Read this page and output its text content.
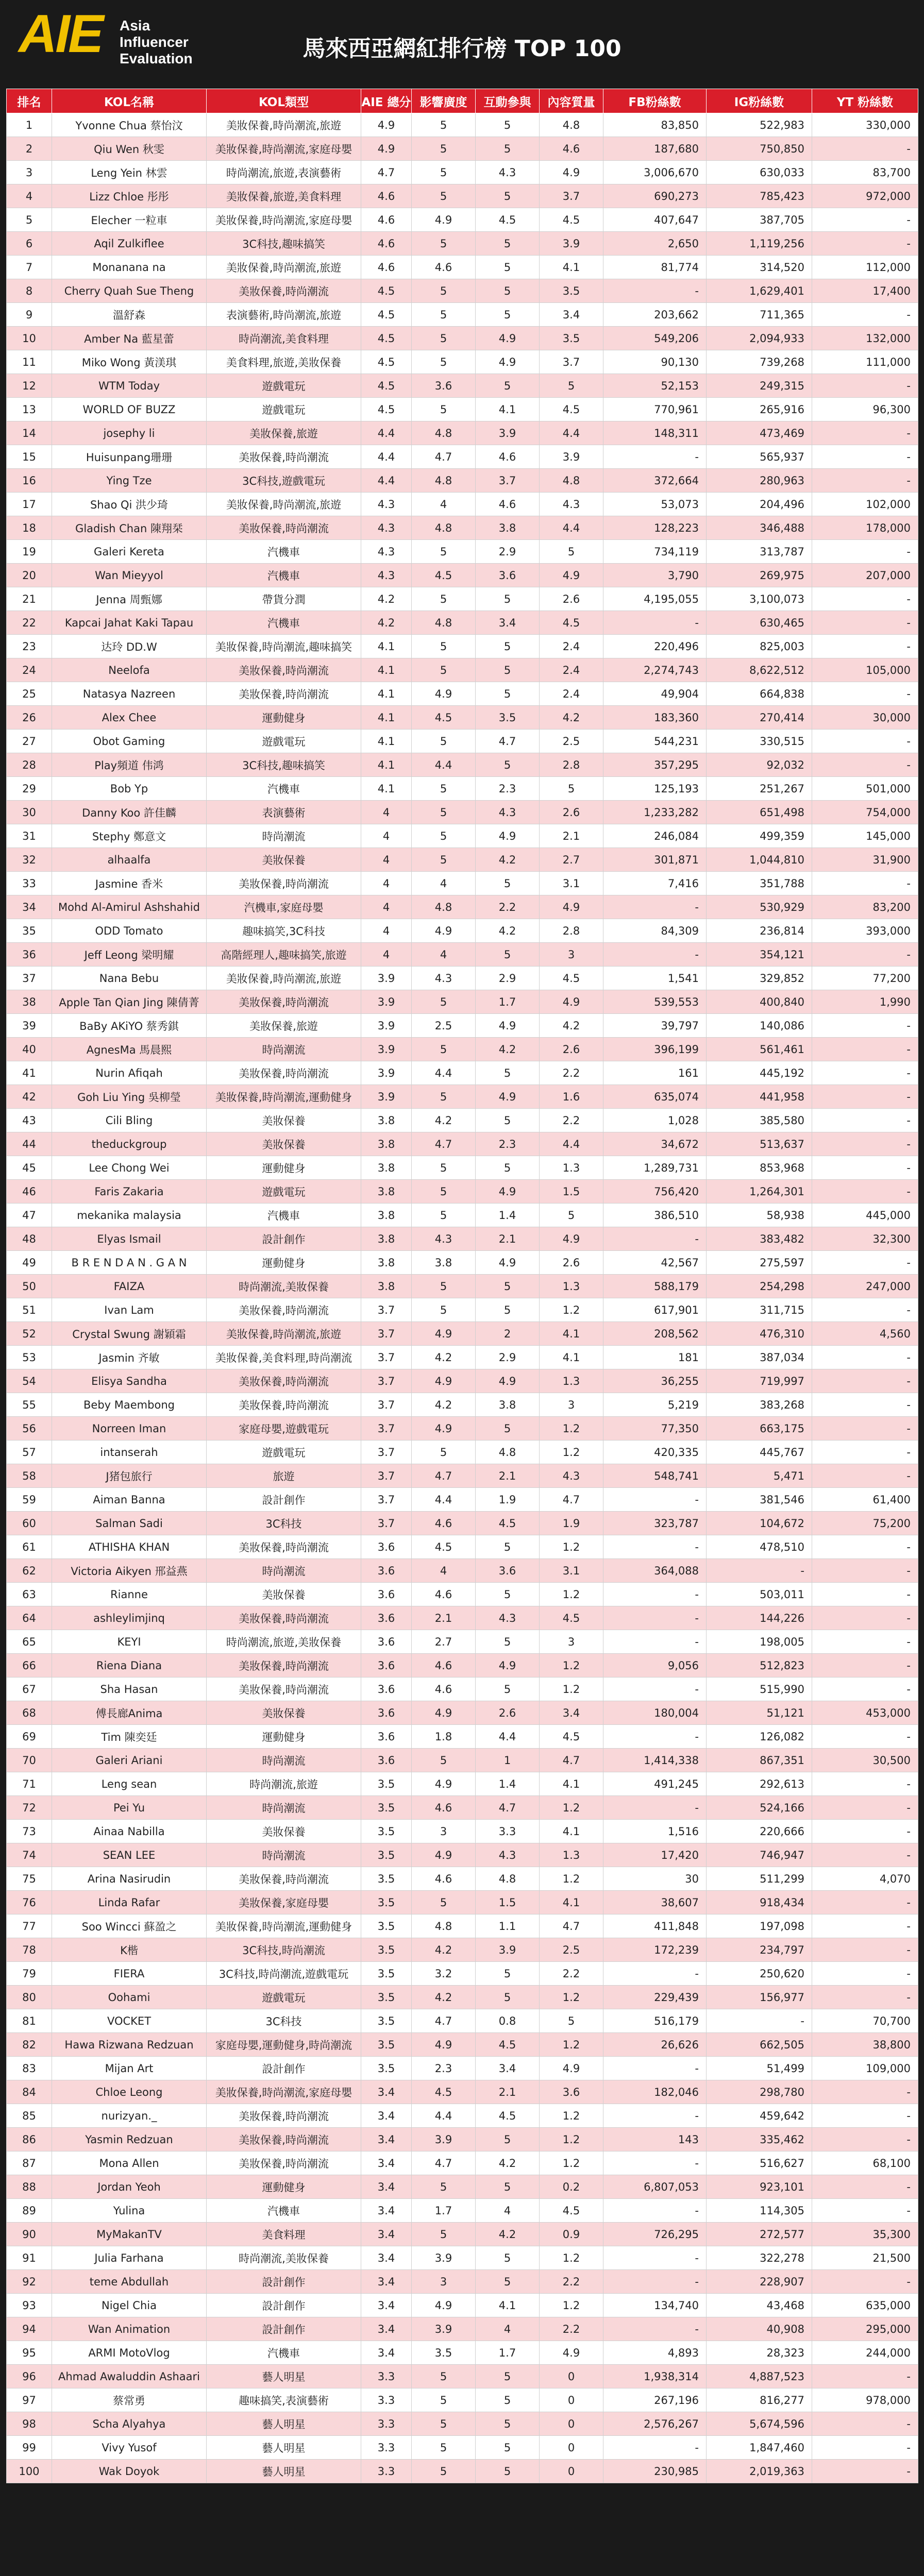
AIE Asia
Influencer
Evaluation	馬來西亞網紅排行榜 TOP 100
排名	KOL名稱	KOL類型	AIE 總分	影響廣度	互動參與	內容質量	FB粉絲數	IG粉絲數	YT 粉絲數
1	Yvonne Chua 蔡怡汶	美妝保養,時尚潮流,旅遊	4.9	5	5	4.8	83,850	522,983	330,000
2	Qiu Wen 秋雯	美妝保養,時尚潮流,家庭母嬰	4.9	5	5	4.6	187,680	750,850	-
3	Leng Yein 林雲	時尚潮流,旅遊,表演藝術	4.7	5	4.3	4.9	3,006,670	630,033	83,700
4	Lizz Chloe 彤彤	美妝保養,旅遊,美食料理	4.6	5	5	3.7	690,273	785,423	972,000
5	Elecher 一粒車	美妝保養,時尚潮流,家庭母嬰	4.6	4.9	4.5	4.5	407,647	387,705	-
6	Aqil Zulkiflee	3C科技,趣味搞笑	4.6	5	5	3.9	2,650	1,119,256	-
7	Monanana na	美妝保養,時尚潮流,旅遊	4.6	4.6	5	4.1	81,774	314,520	112,000
8	Cherry Quah Sue Theng	美妝保養,時尚潮流	4.5	5	5	3.5	-	1,629,401	17,400
9	溫舒森	表演藝術,時尚潮流,旅遊	4.5	5	5	3.4	203,662	711,365	-
10	Amber Na 藍星蕾	時尚潮流,美食料理	4.5	5	4.9	3.5	549,206	2,094,933	132,000
11	Miko Wong 黃渼琪	美食料理,旅遊,美妝保養	4.5	5	4.9	3.7	90,130	739,268	111,000
12	WTM Today	遊戲電玩	4.5	3.6	5	5	52,153	249,315	-
13	WORLD OF BUZZ	遊戲電玩	4.5	5	4.1	4.5	770,961	265,916	96,300
14	josephy li	美妝保養,旅遊	4.4	4.8	3.9	4.4	148,311	473,469	-
15	Huisunpang珊珊	美妝保養,時尚潮流	4.4	4.7	4.6	3.9	-	565,937	-
16	Ying Tze	3C科技,遊戲電玩	4.4	4.8	3.7	4.8	372,664	280,963	-
17	Shao Qi 洪少琦	美妝保養,時尚潮流,旅遊	4.3	4	4.6	4.3	53,073	204,496	102,000
18	Gladish Chan 陳翔栞	美妝保養,時尚潮流	4.3	4.8	3.8	4.4	128,223	346,488	178,000
19	Galeri Kereta	汽機車	4.3	5	2.9	5	734,119	313,787	-
20	Wan Mieyyol	汽機車	4.3	4.5	3.6	4.9	3,790	269,975	207,000
21	Jenna 周甄娜	帶貨分潤	4.2	5	5	2.6	4,195,055	3,100,073	-
22	Kapcai Jahat Kaki Tapau	汽機車	4.2	4.8	3.4	4.5	-	630,465	-
23	达玲 DD.W	美妝保養,時尚潮流,趣味搞笑	4.1	5	5	2.4	220,496	825,003	-
24	Neelofa	美妝保養,時尚潮流	4.1	5	5	2.4	2,274,743	8,622,512	105,000
25	Natasya Nazreen	美妝保養,時尚潮流	4.1	4.9	5	2.4	49,904	664,838	-
26	Alex Chee	運動健身	4.1	4.5	3.5	4.2	183,360	270,414	30,000
27	Obot Gaming	遊戲電玩	4.1	5	4.7	2.5	544,231	330,515	-
28	Play頻道 伟鸿	3C科技,趣味搞笑	4.1	4.4	5	2.8	357,295	92,032	-
29	Bob Yp	汽機車	4.1	5	2.3	5	125,193	251,267	501,000
30	Danny Koo 許佳麟	表演藝術	4	5	4.3	2.6	1,233,282	651,498	754,000
31	Stephy 鄭意文	時尚潮流	4	5	4.9	2.1	246,084	499,359	145,000
32	alhaalfa	美妝保養	4	5	4.2	2.7	301,871	1,044,810	31,900
33	Jasmine 香米	美妝保養,時尚潮流	4	4	5	3.1	7,416	351,788	-
34	Mohd Al-Amirul Ashshahid	汽機車,家庭母嬰	4	4.8	2.2	4.9	-	530,929	83,200
35	ODD Tomato	趣味搞笑,3C科技	4	4.9	4.2	2.8	84,309	236,814	393,000
36	Jeff Leong 梁明耀	高階經理人,趣味搞笑,旅遊	4	4	5	3	-	354,121	-
37	Nana Bebu	美妝保養,時尚潮流,旅遊	3.9	4.3	2.9	4.5	1,541	329,852	77,200
38	Apple Tan Qian Jing 陳倩菁	美妝保養,時尚潮流	3.9	5	1.7	4.9	539,553	400,840	1,990
39	BaBy AKiYO 蔡秀錤	美妝保養,旅遊	3.9	2.5	4.9	4.2	39,797	140,086	-
40	AgnesMa 馬晨熙	時尚潮流	3.9	5	4.2	2.6	396,199	561,461	-
41	Nurin Afiqah	美妝保養,時尚潮流	3.9	4.4	5	2.2	161	445,192	-
42	Goh Liu Ying 吳柳瑩	美妝保養,時尚潮流,運動健身	3.9	5	4.9	1.6	635,074	441,958	-
43	Cili Bling	美妝保養	3.8	4.2	5	2.2	1,028	385,580	-
44	theduckgroup	美妝保養	3.8	4.7	2.3	4.4	34,672	513,637	-
45	Lee Chong Wei	運動健身	3.8	5	5	1.3	1,289,731	853,968	-
46	Faris Zakaria	遊戲電玩	3.8	5	4.9	1.5	756,420	1,264,301	-
47	mekanika malaysia	汽機車	3.8	5	1.4	5	386,510	58,938	445,000
48	Elyas Ismail	設計創作	3.8	4.3	2.1	4.9	-	383,482	32,300
49	B R E N D A N . G A N	運動健身	3.8	3.8	4.9	2.6	42,567	275,597	-
50	FAIZA	時尚潮流,美妝保養	3.8	5	5	1.3	588,179	254,298	247,000
51	Ivan Lam	美妝保養,時尚潮流	3.7	5	5	1.2	617,901	311,715	-
52	Crystal Swung 謝穎霜	美妝保養,時尚潮流,旅遊	3.7	4.9	2	4.1	208,562	476,310	4,560
53	Jasmin 齐敏	美妝保養,美食料理,時尚潮流	3.7	4.2	2.9	4.1	181	387,034	-
54	Elisya Sandha	美妝保養,時尚潮流	3.7	4.9	4.9	1.3	36,255	719,997	-
55	Beby Maembong	美妝保養,時尚潮流	3.7	4.2	3.8	3	5,219	383,268	-
56	Norreen Iman	家庭母嬰,遊戲電玩	3.7	4.9	5	1.2	77,350	663,175	-
57	intanserah	遊戲電玩	3.7	5	4.8	1.2	420,335	445,767	-
58	J猪包旅行	旅遊	3.7	4.7	2.1	4.3	548,741	5,471	-
59	Aiman Banna	設計創作	3.7	4.4	1.9	4.7	-	381,546	61,400
60	Salman Sadi	3C科技	3.7	4.6	4.5	1.9	323,787	104,672	75,200
61	ATHISHA KHAN	美妝保養,時尚潮流	3.6	4.5	5	1.2	-	478,510	-
62	Victoria Aikyen 邢益燕	時尚潮流	3.6	4	3.6	3.1	364,088	-	-
63	Rianne	美妝保養	3.6	4.6	5	1.2	-	503,011	-
64	ashleylimjinq	美妝保養,時尚潮流	3.6	2.1	4.3	4.5	-	144,226	-
65	KEYI	時尚潮流,旅遊,美妝保養	3.6	2.7	5	3	-	198,005	-
66	Riena Diana	美妝保養,時尚潮流	3.6	4.6	4.9	1.2	9,056	512,823	-
67	Sha Hasan	美妝保養,時尚潮流	3.6	4.6	5	1.2	-	515,990	-
68	傅長廊Anima	美妝保養	3.6	4.9	2.6	3.4	180,004	51,121	453,000
69	Tim 陳奕廷	運動健身	3.6	1.8	4.4	4.5	-	126,082	-
70	Galeri Ariani	時尚潮流	3.6	5	1	4.7	1,414,338	867,351	30,500
71	Leng sean	時尚潮流,旅遊	3.5	4.9	1.4	4.1	491,245	292,613	-
72	Pei Yu	時尚潮流	3.5	4.6	4.7	1.2	-	524,166	-
73	Ainaa Nabilla	美妝保養	3.5	3	3.3	4.1	1,516	220,666	-
74	SEAN LEE	時尚潮流	3.5	4.9	4.3	1.3	17,420	746,947	-
75	Arina Nasirudin	美妝保養,時尚潮流	3.5	4.6	4.8	1.2	30	511,299	4,070
76	Linda Rafar	美妝保養,家庭母嬰	3.5	5	1.5	4.1	38,607	918,434	-
77	Soo Wincci 蘇盈之	美妝保養,時尚潮流,運動健身	3.5	4.8	1.1	4.7	411,848	197,098	-
78	K楷	3C科技,時尚潮流	3.5	4.2	3.9	2.5	172,239	234,797	-
79	FIERA	3C科技,時尚潮流,遊戲電玩	3.5	3.2	5	2.2	-	250,620	-
80	Oohami	遊戲電玩	3.5	4.2	5	1.2	229,439	156,977	-
81	VOCKET	3C科技	3.5	4.7	0.8	5	516,179	-	70,700
82	Hawa Rizwana Redzuan	家庭母嬰,運動健身,時尚潮流	3.5	4.9	4.5	1.2	26,626	662,505	38,800
83	Mijan Art	設計創作	3.5	2.3	3.4	4.9	-	51,499	109,000
84	Chloe Leong	美妝保養,時尚潮流,家庭母嬰	3.4	4.5	2.1	3.6	182,046	298,780	-
85	nurizyan._	美妝保養,時尚潮流	3.4	4.4	4.5	1.2	-	459,642	-
86	Yasmin Redzuan	美妝保養,時尚潮流	3.4	3.9	5	1.2	143	335,462	-
87	Mona Allen	美妝保養,時尚潮流	3.4	4.7	4.2	1.2	-	516,627	68,100
88	Jordan Yeoh	運動健身	3.4	5	5	0.2	6,807,053	923,101	-
89	Yulina	汽機車	3.4	1.7	4	4.5	-	114,305	-
90	MyMakanTV	美食料理	3.4	5	4.2	0.9	726,295	272,577	35,300
91	Julia Farhana	時尚潮流,美妝保養	3.4	3.9	5	1.2	-	322,278	21,500
92	teme Abdullah	設計創作	3.4	3	5	2.2	-	228,907	-
93	Nigel Chia	設計創作	3.4	4.9	4.1	1.2	134,740	43,468	635,000
94	Wan Animation	設計創作	3.4	3.9	4	2.2	-	40,908	295,000
95	ARMI MotoVlog	汽機車	3.4	3.5	1.7	4.9	4,893	28,323	244,000
96	Ahmad Awaluddin Ashaari	藝人明星	3.3	5	5	0	1,938,314	4,887,523	-
97	蔡常勇	趣味搞笑,表演藝術	3.3	5	5	0	267,196	816,277	978,000
98	Scha Alyahya	藝人明星	3.3	5	5	0	2,576,267	5,674,596	-
99	Vivy Yusof	藝人明星	3.3	5	5	0	-	1,847,460	-
100	Wak Doyok	藝人明星	3.3	5	5	0	230,985	2,019,363	-
